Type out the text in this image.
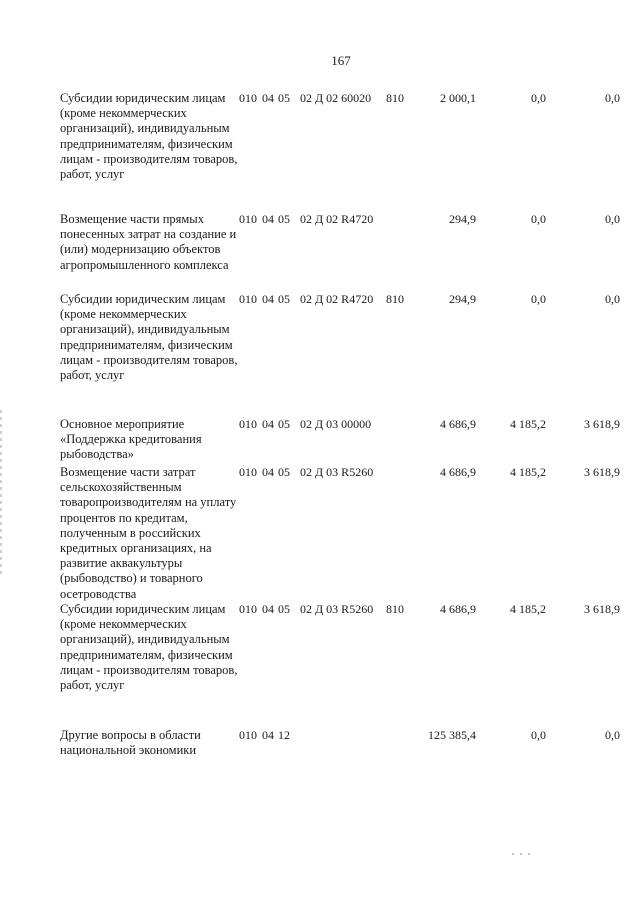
167
Субсидии юридическим лицам (кроме некоммерческих организаций), индивидуальным предпринимателям, физическим лицам - производителям товаров, работ, услуг
010 04 05 02 Д 02 60020 810	2 000,1	0,0	0,0
Возмещение части прямых понесенных затрат на создание и (или) модернизацию объектов агропромышленного комплекса
010 04 05 02 Д 02 R4720	294,9	0,0	0,0
Субсидии юридическим лицам (кроме некоммерческих организаций), индивидуальным предпринимателям, физическим лицам - производителям товаров, работ, услуг
010 04 05 02 Д 02 R4720 810	294,9	0,0	0,0
Основное мероприятие «Поддержка кредитования рыбоводства»
010 04 05 02 Д 03 00000	4 686,9	4 185,2	3 618,9
Возмещение части затрат сельскохозяйственным товаропроизводителям на уплату процентов по кредитам, полученным в российских кредитных организациях, на развитие аквакультуры (рыбоводство) и товарного осетроводства
010 04 05 02 Д 03 R5260	4 686,9	4 185,2	3 618,9
Субсидии юридическим лицам (кроме некоммерческих организаций), индивидуальным предпринимателям, физическим лицам - производителям товаров, работ, услуг
010 04 05 02 Д 03 R5260 810	4 686,9	4 185,2	3 618,9
Другие вопросы в области национальной экономики
010 04 12	125 385,4	0,0	0,0
